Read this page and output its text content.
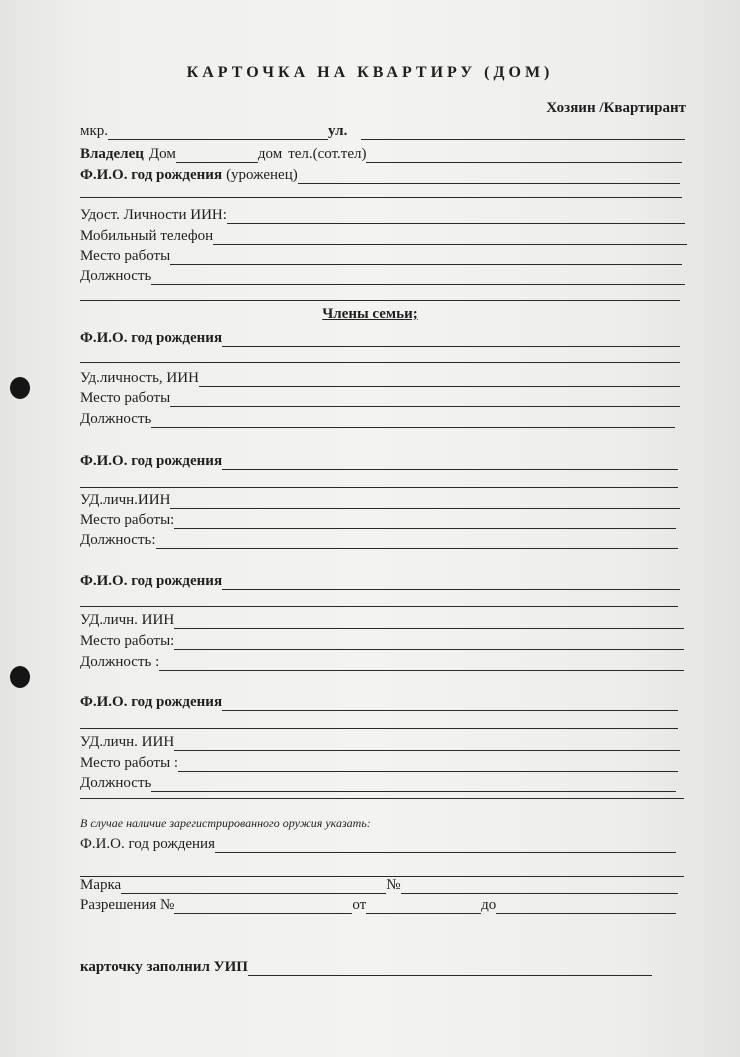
КАРТОЧКА НА КВАРТИРУ (ДОМ)
Хозяин /Квартирант
мкр.	ул.
Владелец Дом	дом тел.(сот.тел)
Ф.И.О. год рождения (уроженец)
Удост. Личности ИИН:
Мобильный телефон
Место работы
Должность
Члены семьи;
Ф.И.О. год рождения
Уд.личность, ИИН
Место работы
Должность
Ф.И.О. год рождения
УД.личн.ИИН
Место работы:
Должность:
Ф.И.О. год рождения
УД.личн. ИИН
Место работы:
Должность :
Ф.И.О. год рождения
УД.личн. ИИН
Место работы :
Должность
В случае наличие зарегистрированного оружия указать:
Ф.И.О. год рождения
Марка	№
Разрешения №	от	до
карточку заполнил УИП
